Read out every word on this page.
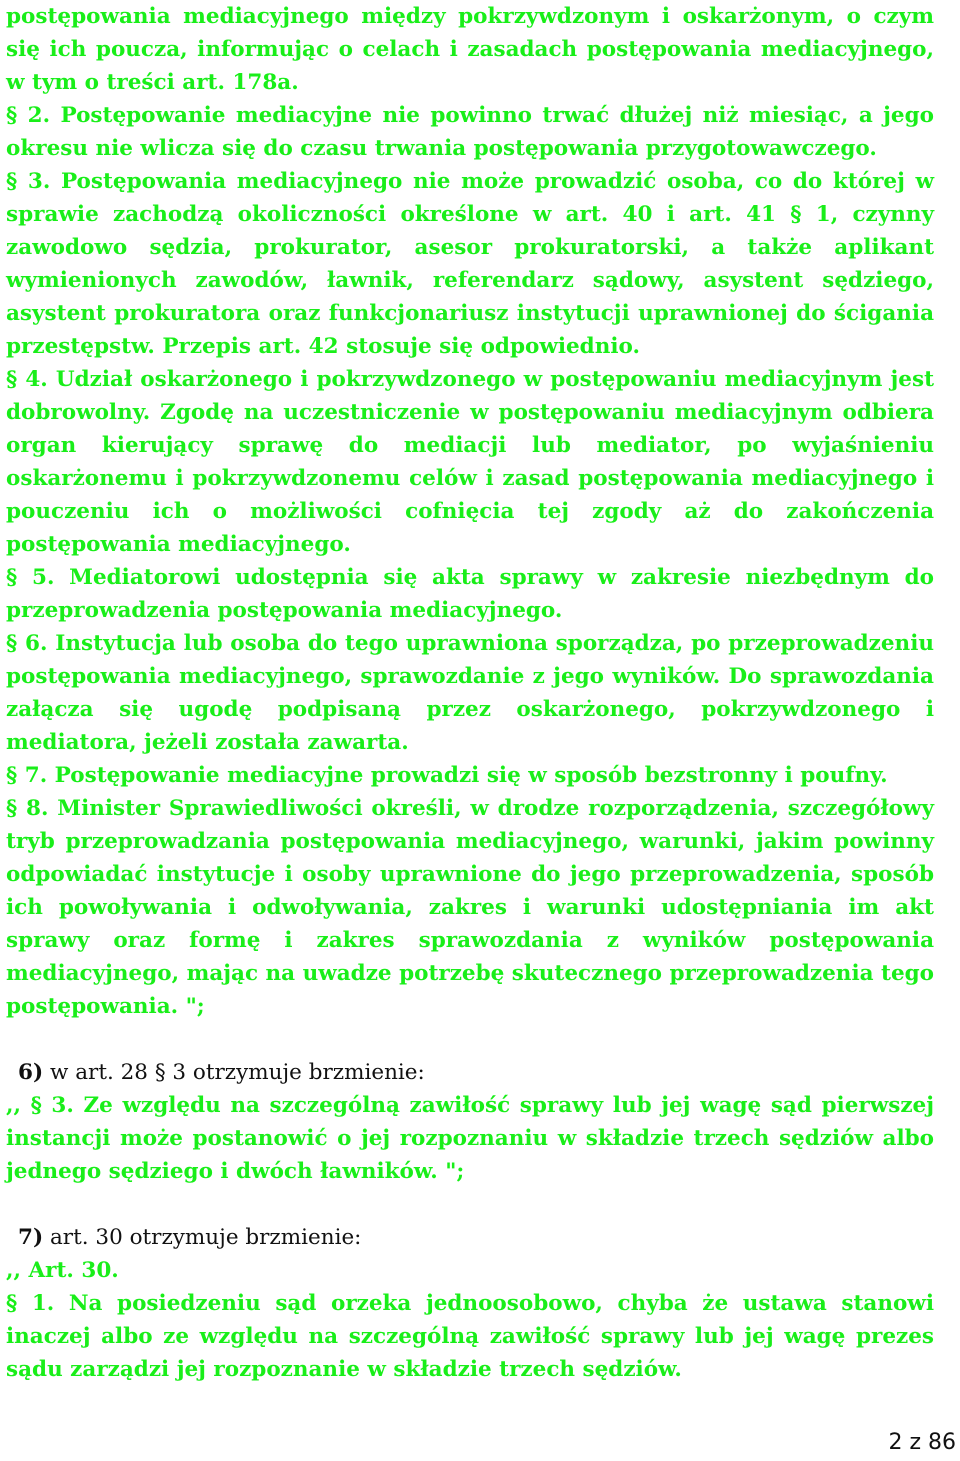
postępowania mediacyjnego między pokrzywdzonym i oskarżonym, o czym się ich poucza, informując o celach i zasadach postępowania mediacyjnego, w tym o treści art. 178a.

§ 2. Postępowanie mediacyjne nie powinno trwać dłużej niż miesiąc, a jego okresu nie wlicza się do czasu trwania postępowania przygotowawczego.

§ 3. Postępowania mediacyjnego nie może prowadzić osoba, co do której w sprawie zachodzą okoliczności określone w art. 40 i art. 41 § 1, czynny zawodowo sędzia, prokurator, asesor prokuratorski, a także aplikant wymienionych zawodów, ławnik, referendarz sądowy, asystent sędziego, asystent prokuratora oraz funkcjonariusz instytucji uprawnionej do ścigania przestępstw. Przepis art. 42 stosuje się odpowiednio.

§ 4. Udział oskarżonego i pokrzywdzonego w postępowaniu mediacyjnym jest dobrowolny. Zgodę na uczestniczenie w postępowaniu mediacyjnym odbiera organ kierujący sprawę do mediacji lub mediator, po wyjaśnieniu oskarżonemu i pokrzywdzonemu celów i zasad postępowania mediacyjnego i pouczeniu ich o możliwości cofnięcia tej zgody aż do zakończenia postępowania mediacyjnego.

§ 5. Mediatorowi udostępnia się akta sprawy w zakresie niezbędnym do przeprowadzenia postępowania mediacyjnego.

§ 6. Instytucja lub osoba do tego uprawniona sporządza, po przeprowadzeniu postępowania mediacyjnego, sprawozdanie z jego wyników. Do sprawozdania załącza się ugodę podpisaną przez oskarżonego, pokrzywdzonego i mediatora, jeżeli została zawarta.

§ 7. Postępowanie mediacyjne prowadzi się w sposób bezstronny i poufny.

§ 8. Minister Sprawiedliwości określi, w drodze rozporządzenia, szczegółowy tryb przeprowadzania postępowania mediacyjnego, warunki, jakim powinny odpowiadać instytucje i osoby uprawnione do jego przeprowadzenia, sposób ich powoływania i odwoływania, zakres i warunki udostępniania im akt sprawy oraz formę i zakres sprawozdania z wyników postępowania mediacyjnego, mając na uwadze potrzebę skutecznego przeprowadzenia tego postępowania. ";

6) w art. 28 § 3 otrzymuje brzmienie:

,, § 3. Ze względu na szczególną zawiłość sprawy lub jej wagę sąd pierwszej instancji może postanowić o jej rozpoznaniu w składzie trzech sędziów albo jednego sędziego i dwóch ławników. ";

7) art. 30 otrzymuje brzmienie:

,, Art. 30.

§ 1. Na posiedzeniu sąd orzeka jednoosobowo, chyba że ustawa stanowi inaczej albo ze względu na szczególną zawiłość sprawy lub jej wagę prezes sądu zarządzi jej rozpoznanie w składzie trzech sędziów.

2 z 86
